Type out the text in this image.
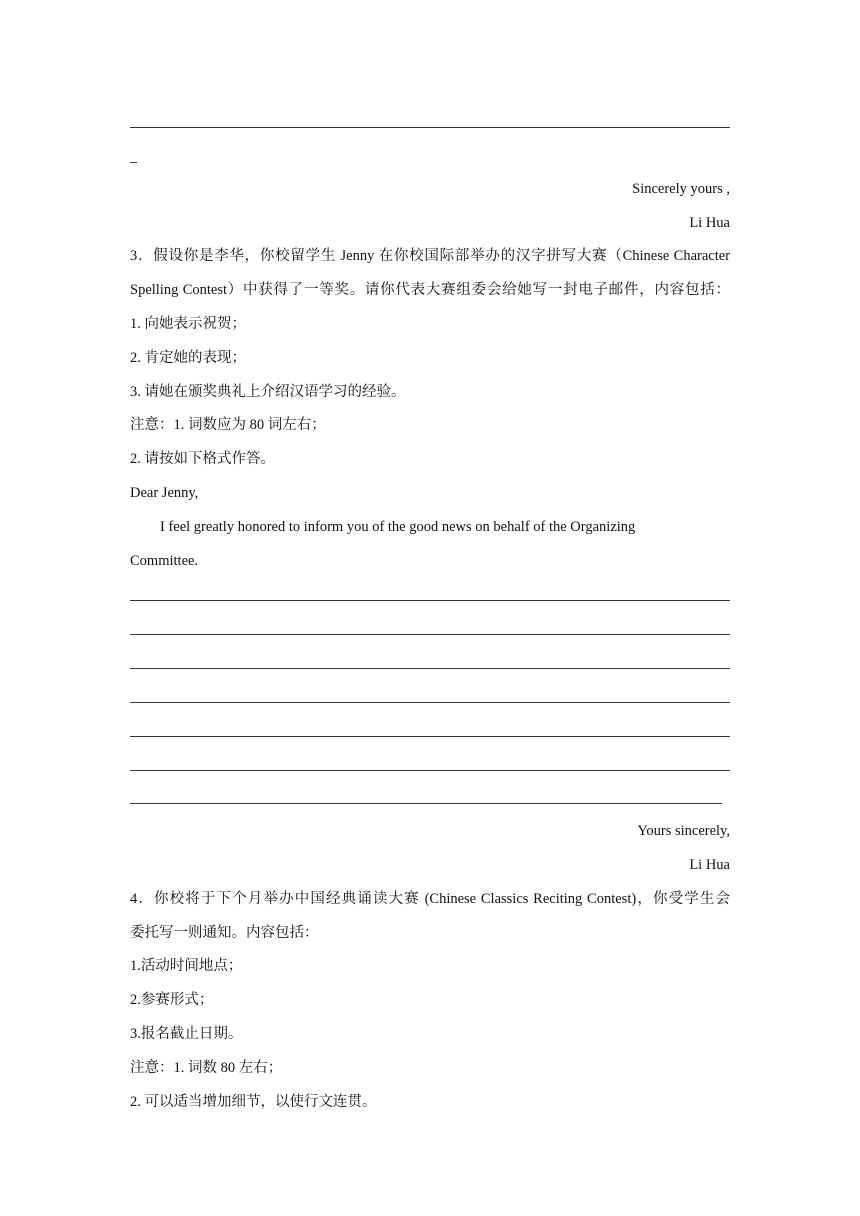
Sincerely yours ,
Li Hua
3．假设你是李华，你校留学生 Jenny 在你校国际部举办的汉字拼写大赛（Chinese Character
Spelling Contest）中获得了一等奖。请你代表大赛组委会给她写一封电子邮件，内容包括：
1. 向她表示祝贺；
2. 肯定她的表现；
3. 请她在颁奖典礼上介绍汉语学习的经验。
注意：1. 词数应为 80 词左右；
2. 请按如下格式作答。
Dear Jenny,
I feel greatly honored to inform you of the good news on behalf of the Organizing
Committee.
Yours sincerely,
Li Hua
4．你校将于下个月举办中国经典诵读大赛 (Chinese Classics Reciting Contest)，你受学生会
委托写一则通知。内容包括：
1.活动时间地点；
2.参赛形式；
3.报名截止日期。
注意：1. 词数 80 左右；
2. 可以适当增加细节，以使行文连贯。
